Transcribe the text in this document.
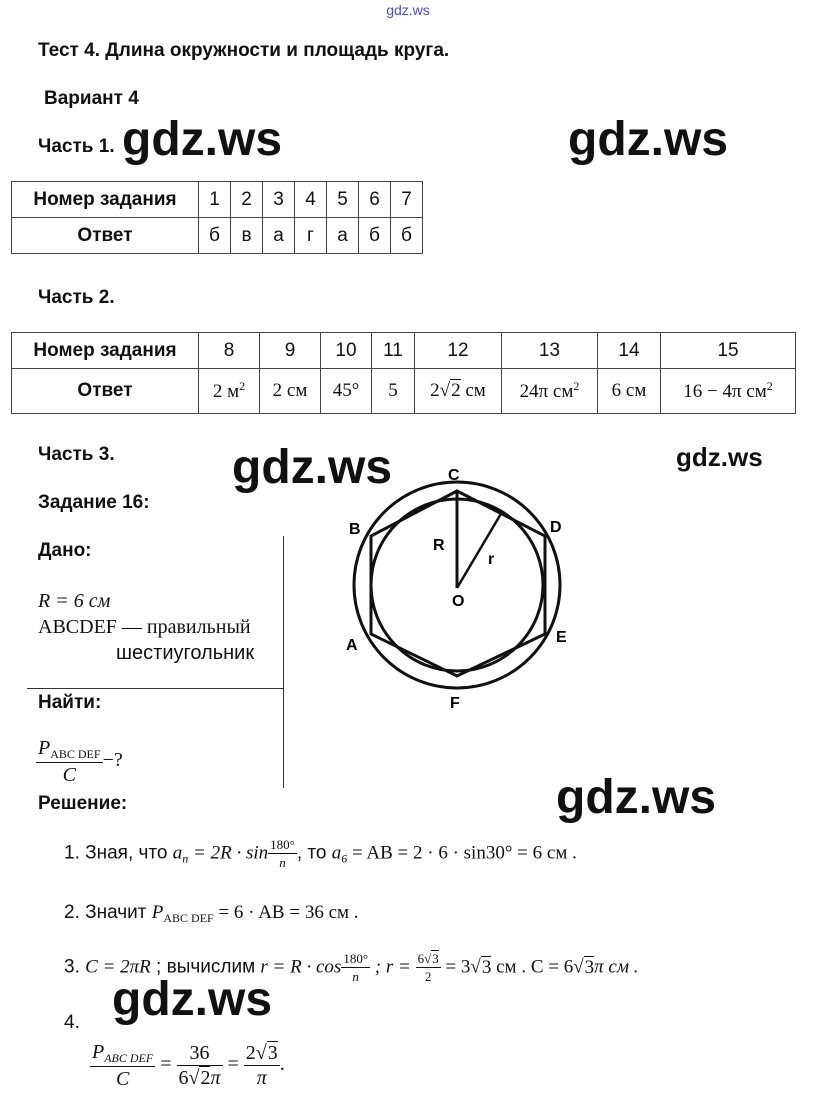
gdz.ws
Тест 4. Длина окружности и площадь круга.
Вариант 4
Часть 1. gdz.ws	gdz.ws
Номер задания	1	2	3	4	5	6	7
Ответ	б	в	а	г	а	б	б
Часть 2.
Номер задания	8	9	10	11	12	13	14	15
Ответ	2 $м^2$	2 см	45°	5	2√2 см	24π $см^2$	6 см	16 − 4π $см^2$
Часть 3. gdz.ws	gdz.ws
Задание 16:
Дано:
R = 6 см
ABCDEF — правильный
шестиугольник
Найти:
$\frac{P_{ABC DEF}}{C}$ −?
C
D
E
F
A
B
O
R
r
Решение:	gdz.ws
1. Зная, что $a_n = 2R \cdot \sin \frac{180^\circ}{n}$ , то $a_6$ = AB = 2 · 6 · sin30° = 6 см .
2. Значит $P_{ABC DEF} = 6$ · AB = 36 см .
3. C = 2πR ; вычислим $r = R \cdot \cos \frac{180^\circ}{n}$ ; $r = \frac{6√3}{2} = 3√3$ см . C = 6√3π см .
gdz.ws
4.
$\frac{P_{ABC DEF}}{C} = \frac{36}{6√2\pi} = \frac{2√3}{\pi}$ .
